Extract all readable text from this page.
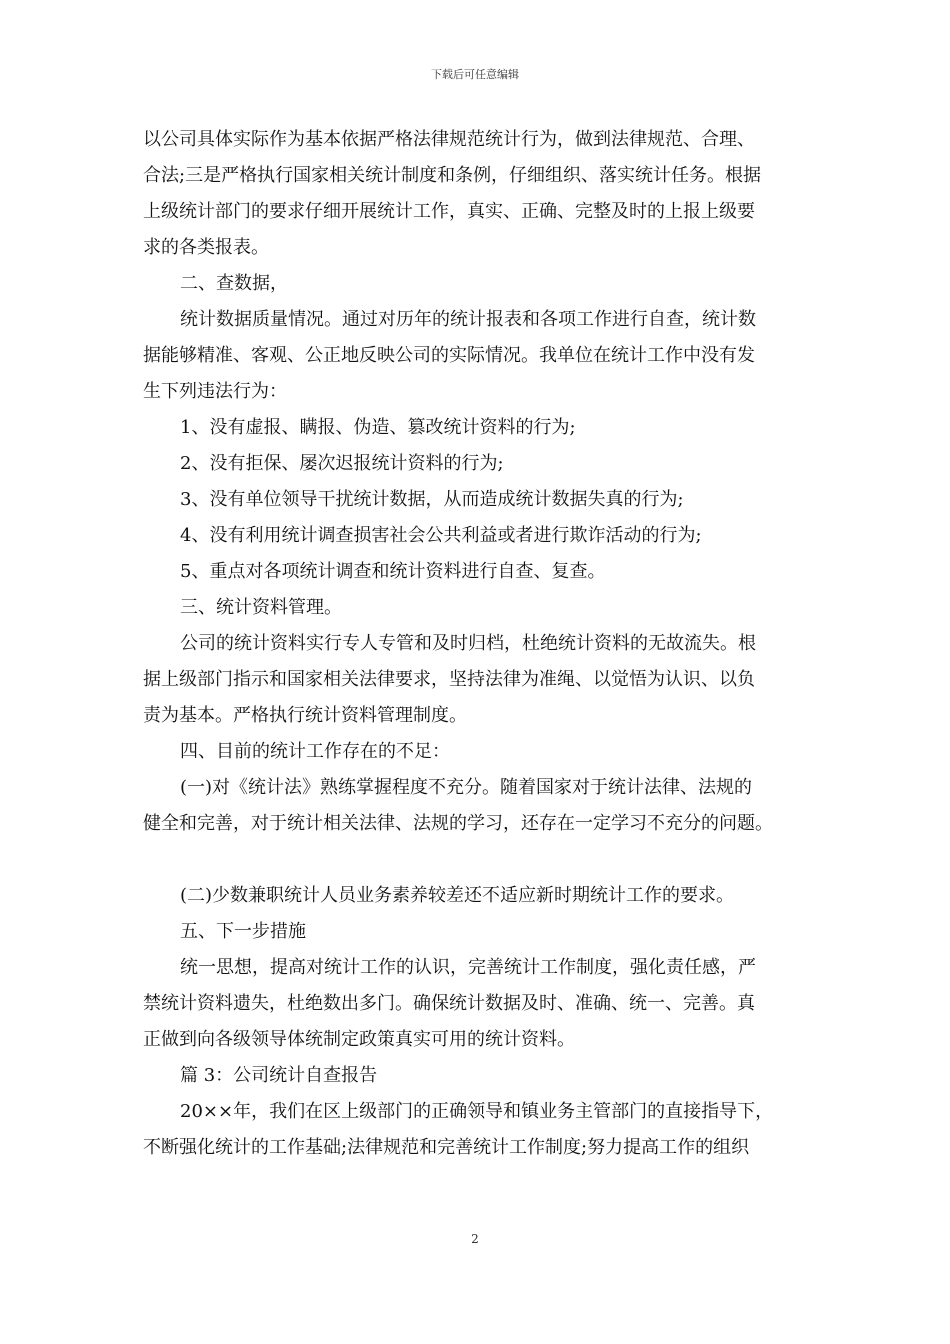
下载后可任意编辑
以公司具体实际作为基本依据严格法律规范统计行为，做到法律规范、合理、
合法;三是严格执行国家相关统计制度和条例，仔细组织、落实统计任务。根据
上级统计部门的要求仔细开展统计工作，真实、正确、完整及时的上报上级要
求的各类报表。
二、查数据，
统计数据质量情况。通过对历年的统计报表和各项工作进行自查，统计数
据能够精准、客观、公正地反映公司的实际情况。我单位在统计工作中没有发
生下列违法行为：
1、没有虚报、瞒报、伪造、篡改统计资料的行为;
2、没有拒保、屡次迟报统计资料的行为;
3、没有单位领导干扰统计数据，从而造成统计数据失真的行为;
4、没有利用统计调查损害社会公共利益或者进行欺诈活动的行为;
5、重点对各项统计调查和统计资料进行自查、复查。
三、统计资料管理。
公司的统计资料实行专人专管和及时归档，杜绝统计资料的无故流失。根
据上级部门指示和国家相关法律要求，坚持法律为准绳、以觉悟为认识、以负
责为基本。严格执行统计资料管理制度。
四、目前的统计工作存在的不足：
(一)对《统计法》熟练掌握程度不充分。随着国家对于统计法律、法规的
健全和完善，对于统计相关法律、法规的学习，还存在一定学习不充分的问题。
(二)少数兼职统计人员业务素养较差还不适应新时期统计工作的要求。
五、下一步措施
统一思想，提高对统计工作的认识，完善统计工作制度，强化责任感，严
禁统计资料遗失，杜绝数出多门。确保统计数据及时、准确、统一、完善。真
正做到向各级领导体统制定政策真实可用的统计资料。
篇 3：公司统计自查报告
20××年，我们在区上级部门的正确领导和镇业务主管部门的直接指导下，
不断强化统计的工作基础;法律规范和完善统计工作制度;努力提高工作的组织
2
